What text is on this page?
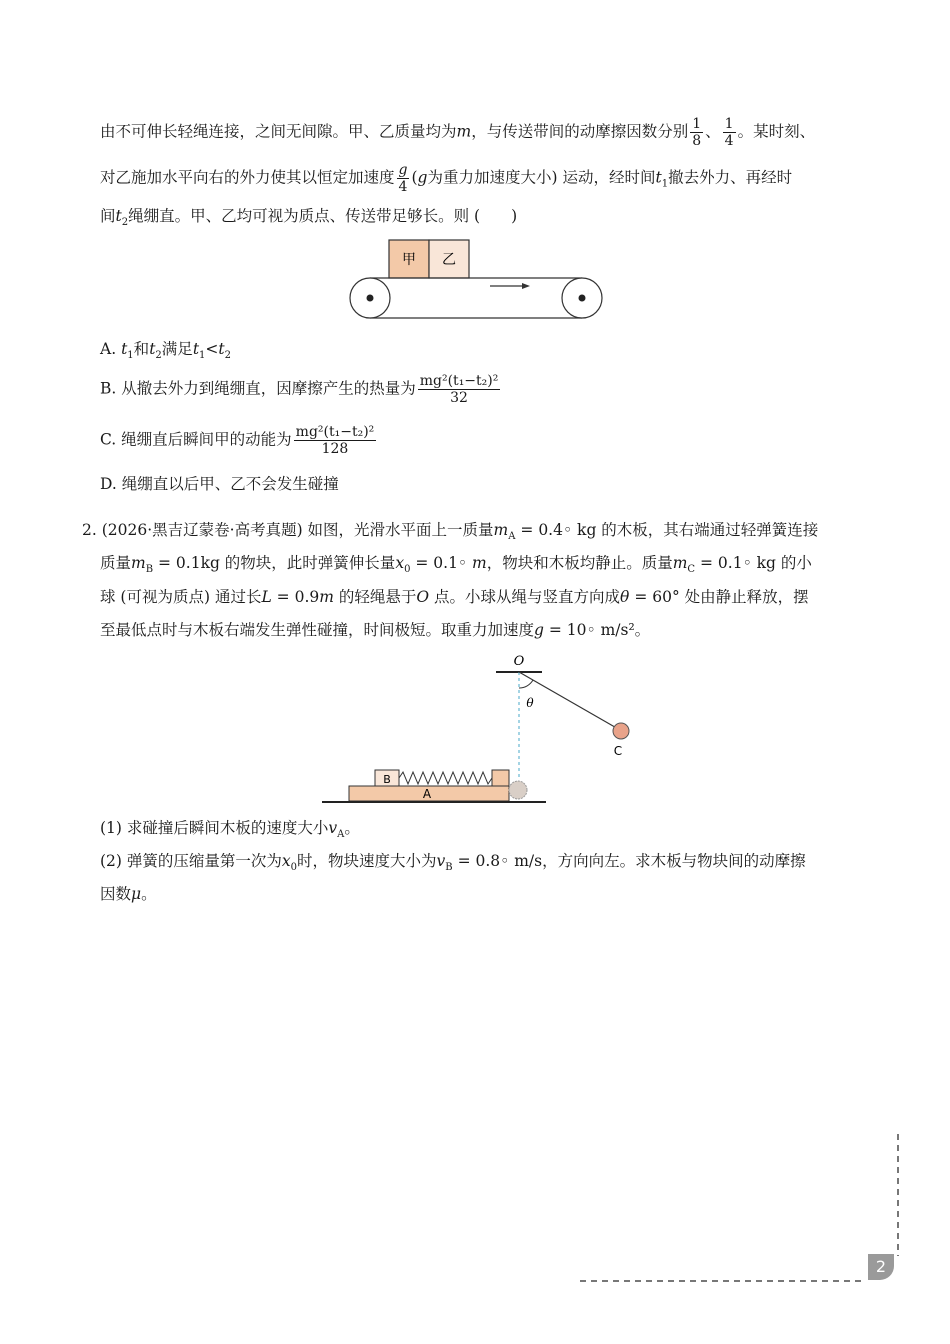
由不可伸长轻绳连接，之间无间隙。甲、乙质量均为m，与传送带间的动摩擦因数分别 $\frac{1}{8}$ 、 $\frac{1}{4}$ 。某时刻、
对乙施加水平向右的外力使其以恒定加速度 $\frac{g}{4} (g$为重力加速度大小) 运动，经时间$t_1$撤去外力、再经时
间$t_2$绳绷直。甲、乙均可视为质点、传送带足够长。则 (　　)
甲 乙
A. $t_1$和$t_2$满足$t_1<t_2$
B. 从撤去外力到绳绷直，因摩擦产生的热量为 $\frac{\text{mg²(t₁−t₂)²}}{32}$
C. 绳绷直后瞬间甲的动能为 $\frac{\text{mg²(t₁−t₂)²}}{128}$
D. 绳绷直以后甲、乙不会发生碰撞
2. (2026·黑吉辽蒙卷·高考真题) 如图，光滑水平面上一质量$m_A$ = 0.4◦ kg 的木板，其右端通过轻弹簧连接
质量$m_B = 0.1kg$ 的物块，此时弹簧伸长量$x_0$ = 0.1◦ m，物块和木板均静止。质量$m_C$ = 0.1◦ kg 的小
球 (可视为质点) 通过长L = 0.9m 的轻绳悬于O 点。小球从绳与竖直方向成θ = 60° 处由静止释放，摆
至最低点时与木板右端发生弹性碰撞，时间极短。取重力加速度g = 10◦ m/s²。
O
θ
C
B
A
(1) 求碰撞后瞬间木板的速度大小$v_A$。
(2) 弹簧的压缩量第一次为$x_0$时，物块速度大小为$v_B$ = 0.8◦ m/s，方向向左。求木板与物块间的动摩擦
因数μ。
2
